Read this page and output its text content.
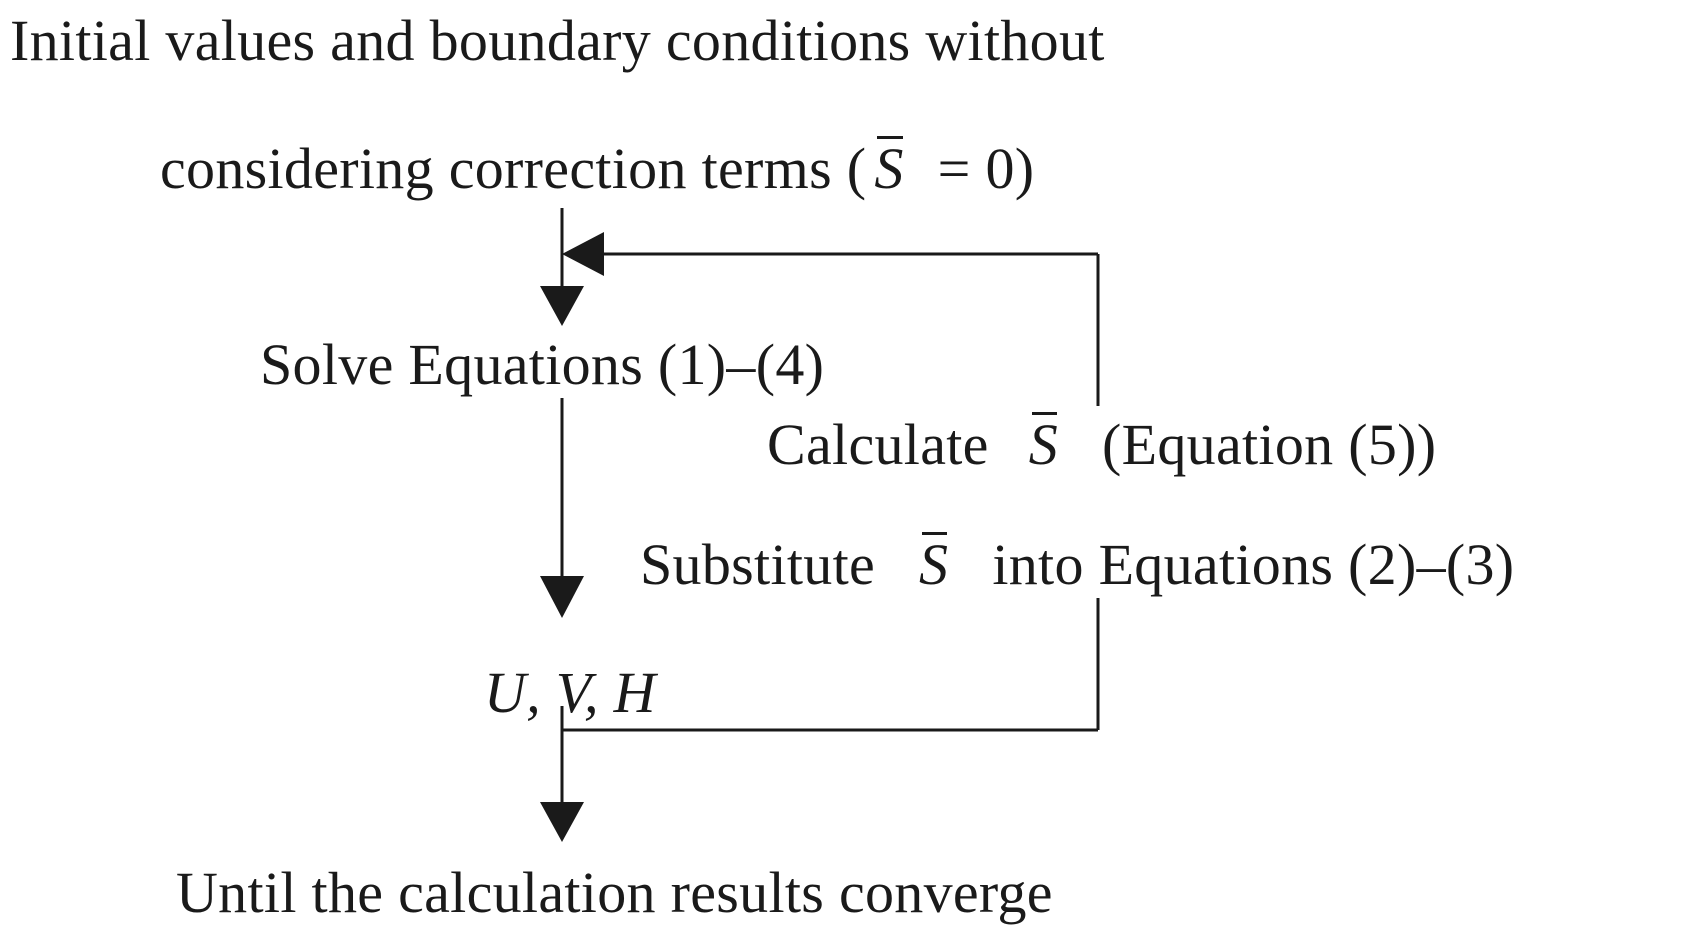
Initial values and boundary conditions without
considering correction terms ( S = 0)
Solve Equations (1)–(4)
Calculate S (Equation (5))
Substitute S into Equations (2)–(3)
U, V, H
Until the calculation results converge
